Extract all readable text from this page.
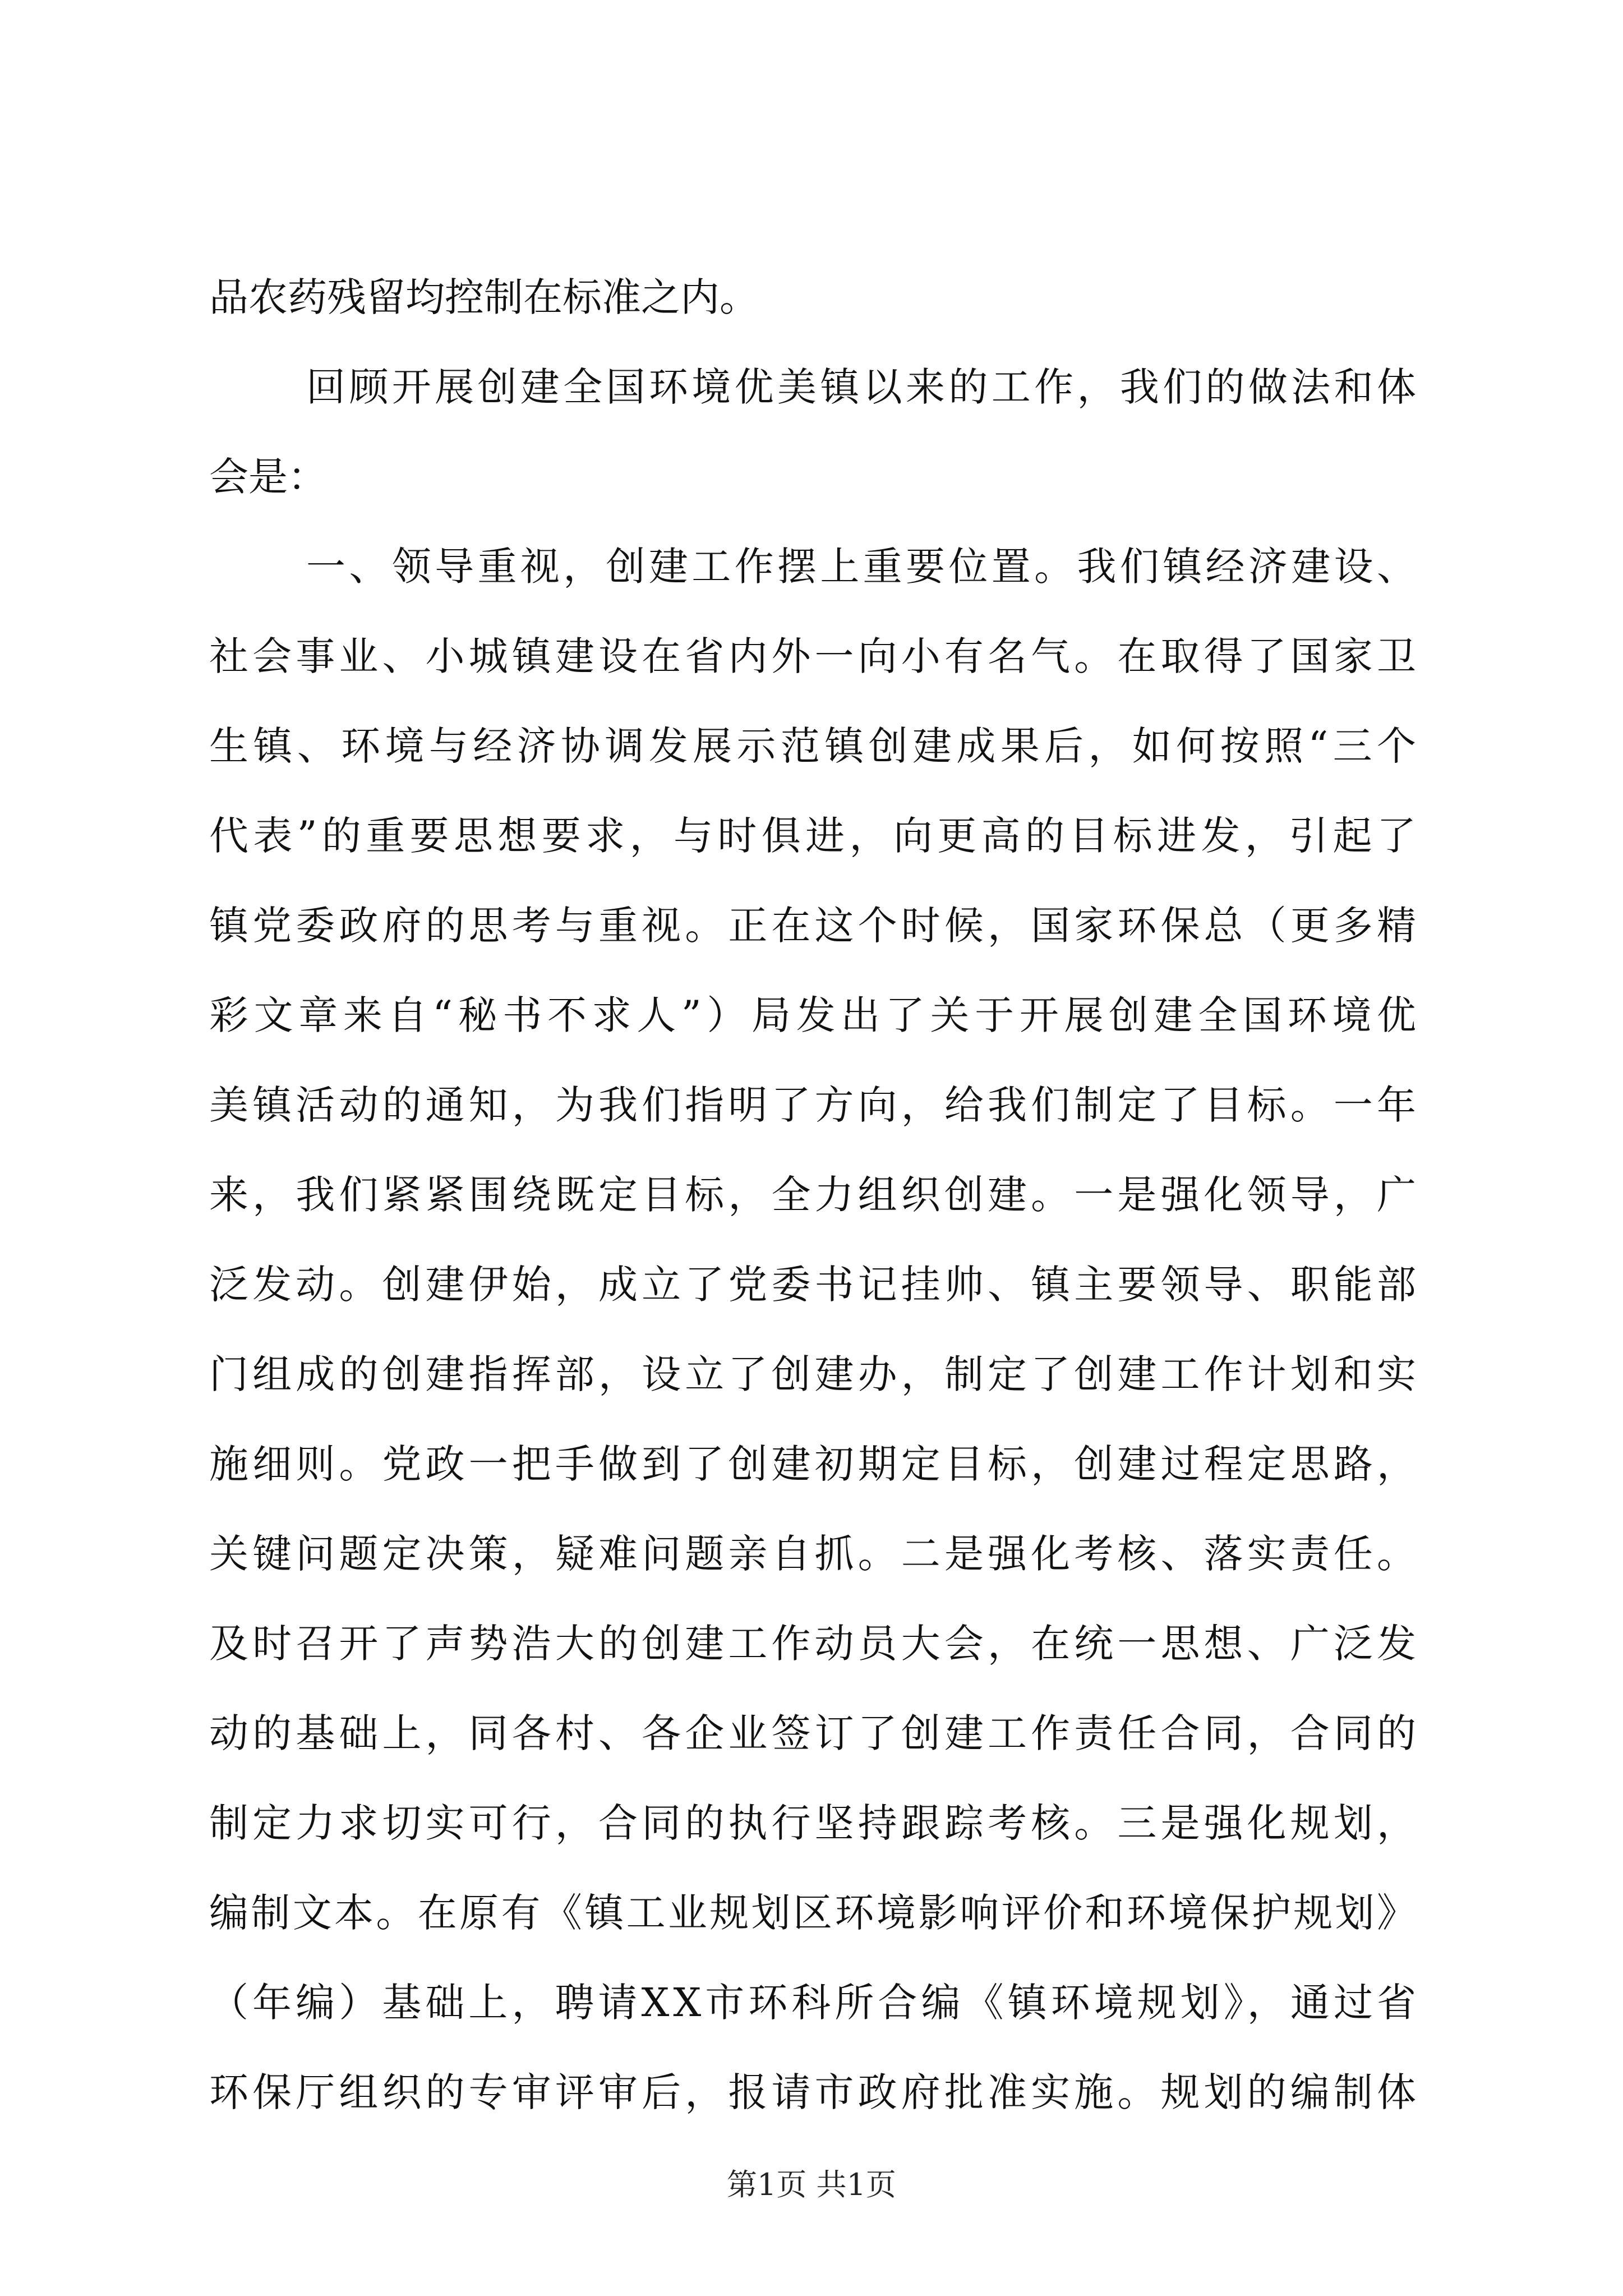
品农药残留均控制在标准之内。
回顾开展创建全国环境优美镇以来的工作，我们的做法和体
会是：
一、领导重视，创建工作摆上重要位置。我们镇经济建设、
社会事业、小城镇建设在省内外一向小有名气。在取得了国家卫
生镇、环境与经济协调发展示范镇创建成果后，如何按照“三个
代表”的重要思想要求，与时俱进，向更高的目标进发，引起了
镇党委政府的思考与重视。正在这个时候，国家环保总（更多精
彩文章来自“秘书不求人”）局发出了关于开展创建全国环境优
美镇活动的通知，为我们指明了方向，给我们制定了目标。一年
来，我们紧紧围绕既定目标，全力组织创建。一是强化领导，广
泛发动。创建伊始，成立了党委书记挂帅、镇主要领导、职能部
门组成的创建指挥部，设立了创建办，制定了创建工作计划和实
施细则。党政一把手做到了创建初期定目标，创建过程定思路，
关键问题定决策，疑难问题亲自抓。二是强化考核、落实责任。
及时召开了声势浩大的创建工作动员大会，在统一思想、广泛发
动的基础上，同各村、各企业签订了创建工作责任合同，合同的
制定力求切实可行，合同的执行坚持跟踪考核。三是强化规划，
编制文本。在原有《镇工业规划区环境影响评价和环境保护规划》
（年编）基础上，聘请XX市环科所合编《镇环境规划》，通过省
环保厅组织的专审评审后，报请市政府批准实施。规划的编制体
第1页 共1页
